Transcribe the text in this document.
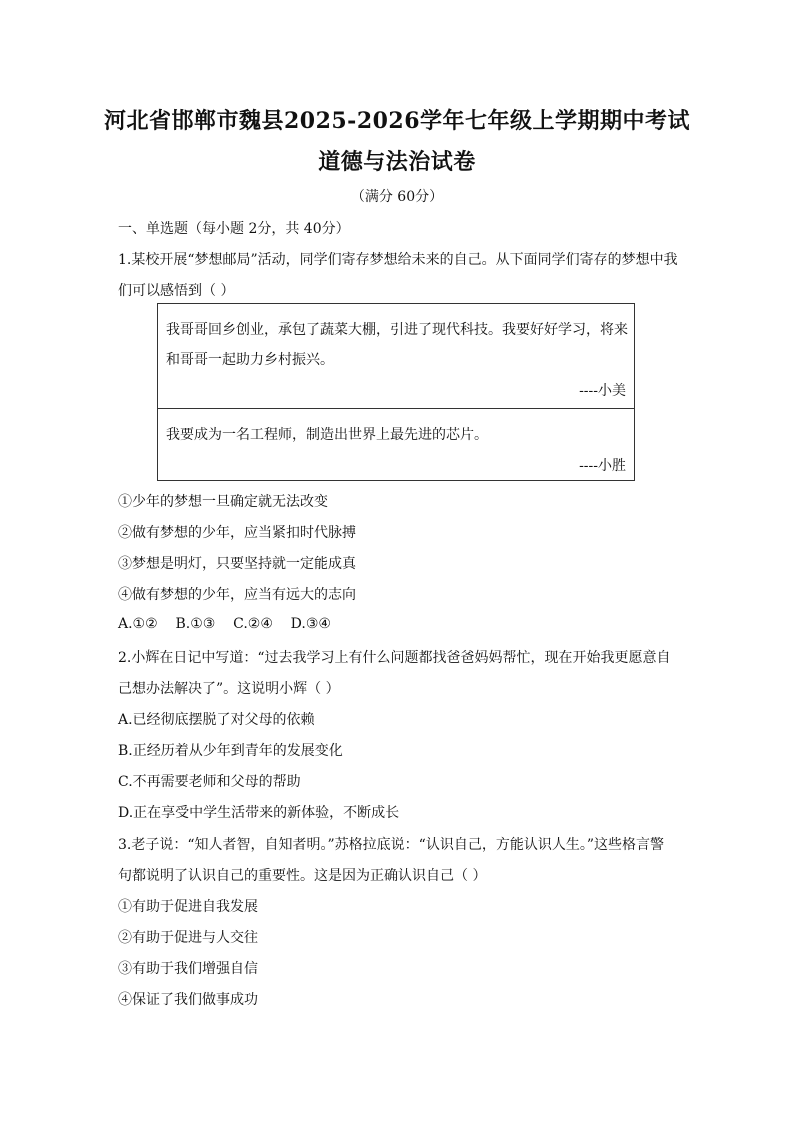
河北省邯郸市魏县2025-2026学年七年级上学期期中考试
道德与法治试卷
（满分 60分）
一、单选题（每小题 2分，共 40分）
1.某校开展“梦想邮局”活动，同学们寄存梦想给未来的自己。从下面同学们寄存的梦想中我
们可以感悟到（ ）
我哥哥回乡创业，承包了蔬菜大棚，引进了现代科技。我要好好学习，将来
和哥哥一起助力乡村振兴。
----小美
我要成为一名工程师，制造出世界上最先进的芯片。
----小胜
①少年的梦想一旦确定就无法改变
②做有梦想的少年，应当紧扣时代脉搏
③梦想是明灯，只要坚持就一定能成真
④做有梦想的少年，应当有远大的志向
A.①②    B.①③    C.②④    D.③④
2.小辉在日记中写道：“过去我学习上有什么问题都找爸爸妈妈帮忙，现在开始我更愿意自
己想办法解决了”。这说明小辉（ ）
A.已经彻底摆脱了对父母的依赖
B.正经历着从少年到青年的发展变化
C.不再需要老师和父母的帮助
D.正在享受中学生活带来的新体验，不断成长
3.老子说：“知人者智，自知者明。”苏格拉底说：“认识自己，方能认识人生。”这些格言警
句都说明了认识自己的重要性。这是因为正确认识自己（ ）
①有助于促进自我发展
②有助于促进与人交往
③有助于我们增强自信
④保证了我们做事成功
